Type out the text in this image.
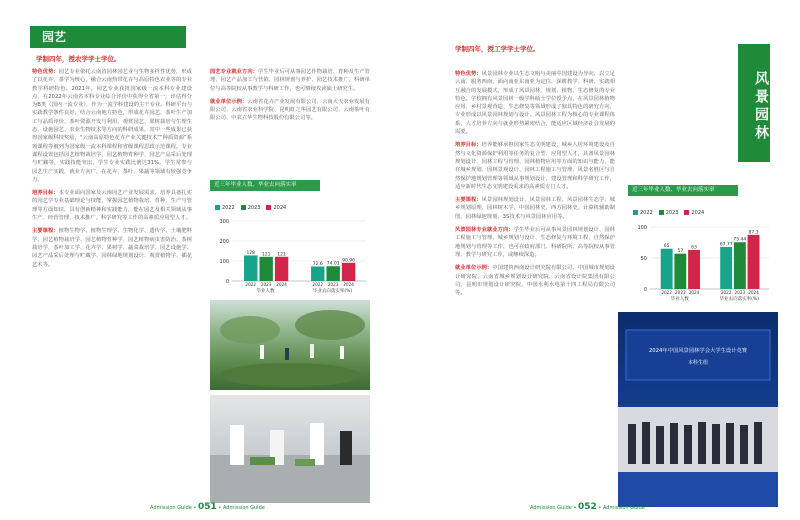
园艺
学制四年，授农学学士学位。

特色优势：园艺专业依托云南省园林园艺业与生物多样性优势，形成了以花卉、茶学为核心，融合云南热带花卉与高原特色农业等的专业教学科研特色。2021年，园艺专业获批国家级一流本科专业建设点，在2022年云南省本科专业综合评价中获得全省第一，评估得分为B类（国内一流专业），作为一流学科建设的主干专业。科研平台与实践教学条件良好，结合云南地方特色，形成花卉园艺、茶叶生产加工与品质评价、茶叶资源开发与利用、观赏园艺、果树栽培与生理生态、设施园艺、农业生物技术等方向的科研成果，其中一些成果已获得国家级科技奖励，“云南高原特色花卉产业关键技术”“种质资源”系列课程等被列为国家级一流本科课程和省级课程思政示范课程。专业课程设置包括园艺植物栽培学、园艺植物育种学、园艺产品采后处理与贮藏等，实践技能突出，学生专业实践比例达31%。学生常参与园艺生产实践，就业方向广，在花卉、茶叶、果蔬等领域有较强竞争力。

培养目标：本专业面向国家及云南园艺产业发展需求，培养具备扎实的园艺学专业基础理论与技能，掌握园艺植物栽培、育种、生产与管理等方面知识，具有创新精神和实践能力，能在园艺及相关领域从事生产、经营管理、技术推广、科学研究等工作的高素质应用型人才。

主要课程：植物生物学、植物生理学、生物化学、遗传学、土壤肥料学、园艺植物栽培学、园艺植物育种学、园艺植物病虫害防治、茶树栽培学、茶叶加工学、花卉学、果树学、蔬菜栽培学、园艺设施学、园艺产品采后处理与贮藏学、园林绿地规划设计、观赏植物学、插花艺术等。

园艺专业就业方向：学生毕业后可从事园艺作物栽培、育种及生产管理、园艺产品加工与营销、园林规划与养护、园艺技术推广、科研单位与高等院校从事教学与科研工作，也可继续攻读硕士研究生。

就业单位示例：云南省花卉产业发展有限公司、云南大天农业发展有限公司、云南省农业科学院、昆明虹之华园艺有限公司、云南茶叶有限公司、中农立华生物科技股份有限公司等。

近三年毕业人数、毕业去向落实率
2022	2023	2024
0
100
200
300
128
2022
121
2023
121
2024
毕业人数
72.6
2022
74.01
2023
90.96
2024
毕业去向落实率(%)
Admission Guide • 051 • Admission Guide
学制四年，授工学学士学位。
风景园林

特色优势：风景园林专业以生态文明与美丽中国建设为导向，以立足云南、服务西南、面向南亚东南亚为定位，深耕教学、科研、实践相互融合的发展模式，形成了风景园林、规划、植物、生态修复的专业特色。学校拥有风景园林一级学科硕士学位授予点，在风景园林植物应用、乡村景观营造、生态修复等领域形成了独具特色的研究方向，专业形成以风景园林规划与设计、风景园林工程为核心的专业课程体系，人才培养方向与就业形势紧密结合，能适应区域经济社会发展的需要。

培养目标：培养能够承担国家生态文明建设、城乡人居环境建设及自然与文化资源保护利用等任务的复合型、应用型人才，具备风景园林规划设计、园林工程与管理、园林植物应用等方面的知识与能力，能在城乡规划、园林景观设计、园林工程施工与管理、风景名胜区与自然保护地规划管理等领域从事规划设计、建设管理和科学研究工作，适应新时代生态文明建设需求的高素质专门人才。

主要课程：风景园林规划设计、风景园林工程、风景园林生态学、城乡规划原理、园林树木学、中国园林史、西方园林史、计算机辅助制图、园林绿地规划、3S技术与风景园林应用等。

风景园林专业就业方向：学生毕业后可从事风景园林规划设计、园林工程施工与管理、城乡规划与设计、生态修复与环境工程、自然保护地规划与管理等工作，也可在政府部门、科研院所、高等院校从事管理、教学与研究工作，或继续深造。

就业单位示例：中国建筑西南设计研究院有限公司、中国城市规划设计研究院、云南省城乡规划设计研究院、云南省设计院集团有限公司、昆明市规划设计研究院、中国水利水电第十四工程局有限公司等。

近三年毕业人数、毕业去向落实率
2022	2023	2024
0
50
100
65
2022
57
2023
63
2024
毕业人数
67.77
2022
75.44
2023
87.3
2024
毕业去向落实率(%)
2024年中国风景园林学会大学生设计竞赛
本科生组
Admission Guide • 052 • Admission Guide
